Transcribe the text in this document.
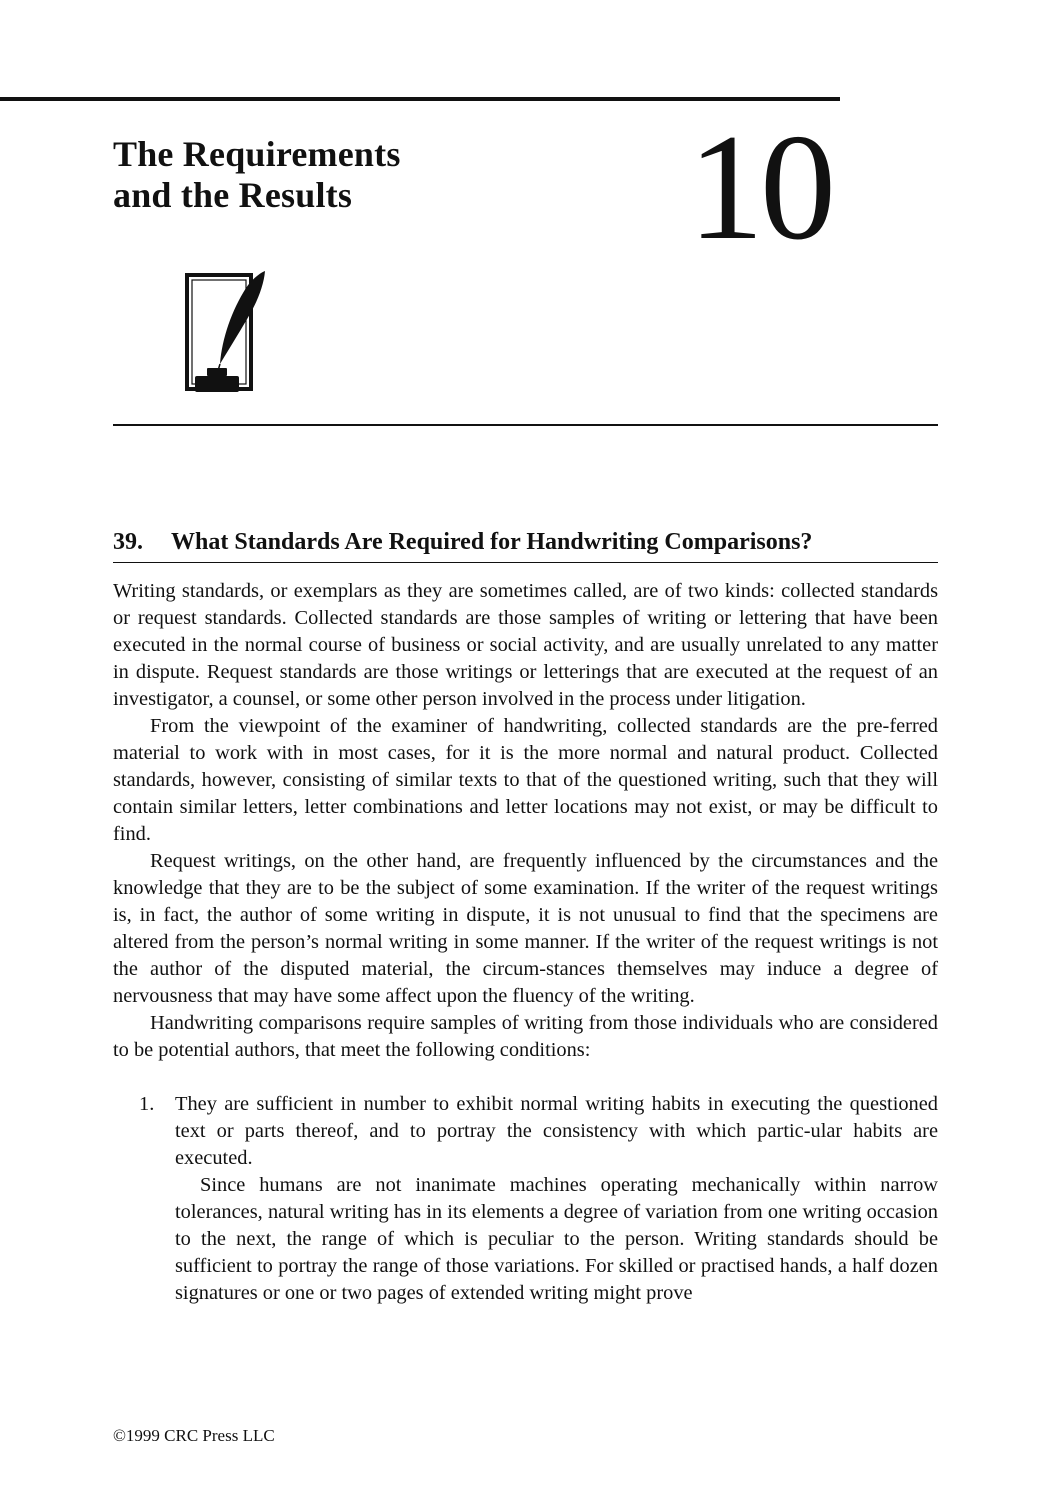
The Requirements
and the Results	10
39. What Standards Are Required for Handwriting Comparisons?

Writing standards, or exemplars as they are sometimes called, are of two kinds: collected standards or request standards. Collected standards are those samples of writing or lettering that have been executed in the normal course of business or social activity, and are usually unrelated to any matter in dispute. Request standards are those writings or letterings that are executed at the request of an investigator, a counsel, or some other person involved in the process under litigation.

From the viewpoint of the examiner of handwriting, collected standards are the pre-ferred material to work with in most cases, for it is the more normal and natural product. Collected standards, however, consisting of similar texts to that of the questioned writing, such that they will contain similar letters, letter combinations and letter locations may not exist, or may be difficult to find.

Request writings, on the other hand, are frequently influenced by the circumstances and the knowledge that they are to be the subject of some examination. If the writer of the request writings is, in fact, the author of some writing in dispute, it is not unusual to find that the specimens are altered from the person’s normal writing in some manner. If the writer of the request writings is not the author of the disputed material, the circum-stances themselves may induce a degree of nervousness that may have some affect upon the fluency of the writing.

Handwriting comparisons require samples of writing from those individuals who are considered to be potential authors, that meet the following conditions:

1. They are sufficient in number to exhibit normal writing habits in executing the questioned text or parts thereof, and to portray the consistency with which partic-ular habits are executed.

Since humans are not inanimate machines operating mechanically within narrow tolerances, natural writing has in its elements a degree of variation from one writing occasion to the next, the range of which is peculiar to the person. Writing standards should be sufficient to portray the range of those variations. For skilled or practised hands, a half dozen signatures or one or two pages of extended writing might prove

©1999 CRC Press LLC
